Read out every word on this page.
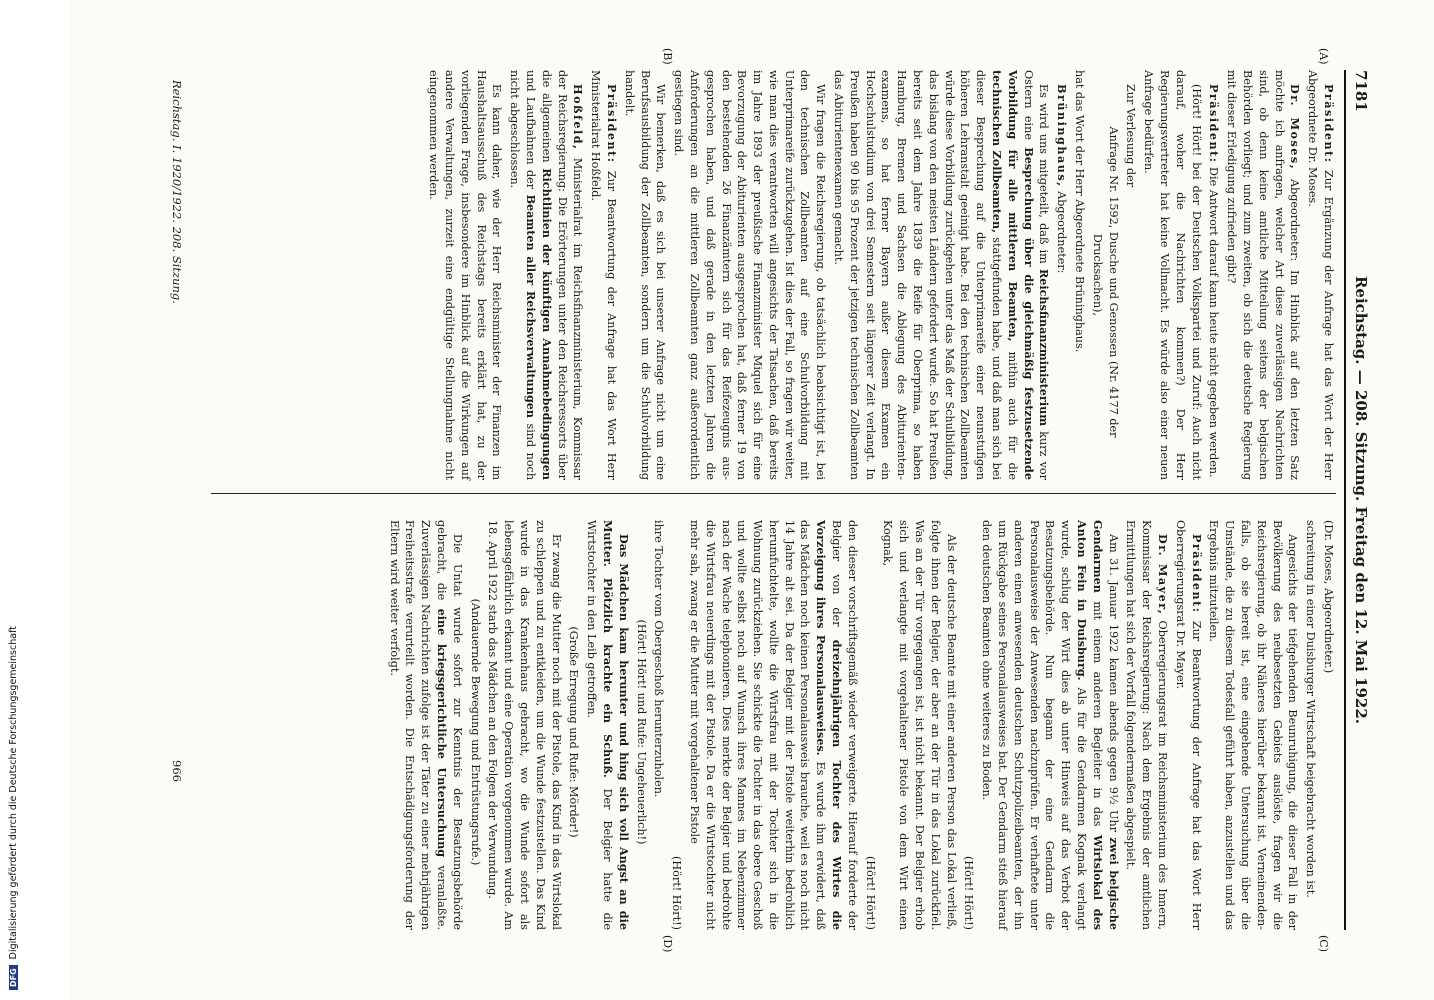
DFGDigitalisierung gefördert durch die Deutsche Forschungsgemeinschaft
7181
Reichstag. — 208. Sitzung. Freitag den 12. Mai 1922.
(A)
(B)
(C)
(D)

(Dr. Moses, Abgeordneter.)

schreitung in einer Duisburger Wirtschaft beigebracht worden ist.

Angesichts der tiefgehenden Beunruhigung, die dieser Fall in der Bevölkerung des neubesetzten Gebiets auslöste, fragen wir die Reichsregierung, ob ihr Näheres hierüber bekannt ist. Verneinendenfalls, ob sie bereit ist, eine eingehende Untersuchung über die Umstände, die zu diesem Todesfall geführt haben, anzustellen und das Ergebnis mitzuteilen.

Präsident: Zur Beantwortung der Anfrage hat das Wort Herr Oberregierungsrat Dr. Mayer.

Dr. Mayer, Oberregierungsrat im Reichsministerium des Innern, Kommissar der Reichsregierung: Nach dem Ergebnis der amtlichen Ermittlungen hat sich der Vorfall folgendermaßen abgespielt.

Am 31. Januar 1922 kamen abends gegen 9½ Uhr zwei belgische Gendarmen mit einem anderen Begleiter in das Wirtslokal des Anton Fein in Duisburg. Als für die Gendarmen Kognak verlangt wurde, schlug der Wirt dies ab unter Hinweis auf das Verbot der Besatzungsbehörde. Nun begann der eine Gendarm die Personalausweise der Anwesenden nachzuprüfen. Er verhaftete unter anderen einen anwesenden deutschen Schutzpolizeibeamten, der ihn um Rückgabe seines Personalausweises bat. Der Gendarm stieß hierauf den deutschen Beamten ohne weiteres zu Boden.

(Hört! Hört!)

Als der deutsche Beamte mit einer anderen Person das Lokal verließ, folgte ihnen der Belgier, der aber an der Tür in das Lokal zurückfiel. Was an der Tür vorgegangen ist, ist nicht bekannt. Der Belgier erhob sich und verlangte mit vorgehaltener Pistole von dem Wirt einen Kognak,

(Hört! Hört!)

den dieser vorschriftsgemäß wieder verweigerte. Hierauf forderte der Belgier von der dreizehnjährigen Tochter des Wirtes die Vorzeigung ihres Personalausweises. Es wurde ihm erwidert, daß das Mädchen noch keinen Personalausweis brauche, weil es noch nicht 14 Jahre alt sei. Da der Belgier mit der Pistole weiterhin bedrohlich herumfuchtelte, wollte die Wirtsfrau mit der Tochter sich in die Wohnung zurückziehen. Sie schickte die Tochter in das obere Geschoß und wollte selbst noch auf Wunsch ihres Mannes im Nebenzimmer nach der Wache telephonieren. Dies merkte der Belgier und bedrohte die Wirtsfrau neuerdings mit der Pistole. Da er die Wirtstochter nicht mehr sah, zwang er die Mutter mit vorgehaltener Pistole

(Hört! Hört!)

ihre Tochter vom Obergeschoß herunterzuholen.

(Hört! Hört! und Rufe: Ungeheuerlich!)

Das Mädchen kam herunter und hing sich voll Angst an die Mutter. Plötzlich krachte ein Schuß. Der Belgier hatte die Wirtstochter in den Leib getroffen.

(Große Erregung und Rufe: Mörder!)

Er zwang die Mutter noch mit der Pistole, das Kind in das Wirtslokal zu schleppen und zu entkleiden, um die Wunde festzustellen. Das Kind wurde in das Krankenhaus gebracht, wo die Wunde sofort als lebensgefährlich erkannt und eine Operation vorgenommen wurde. Am 18. April 1922 starb das Mädchen an den Folgen der Verwundung.

(Andauernde Bewegung und Entrüstungsrufe.)

Die Untat wurde sofort zur Kenntnis der Besatzungsbehörde gebracht, die eine kriegsgerichtliche Untersuchung veranlaßte. Zuverlässigen Nachrichten zufolge ist der Täter zu einer mehrjährigen Freiheitsstrafe verurteilt worden. Die Entschädigungsforderung der Eltern wird weiter verfolgt.

Präsident: Zur Ergänzung der Anfrage hat das Wort der Herr Abgeordnete Dr. Moses.

Dr. Moses, Abgeordneter: Im Hinblick auf den letzten Satz möchte ich anfragen, welcher Art diese zuverlässigen Nachrichten sind, ob denn keine amtliche Mitteilung seitens der belgischen Behörden vorliegt; und zum zweiten, ob sich die deutsche Regierung mit dieser Erledigung zufrieden gibt?

Präsident: Die Antwort darauf kann heute nicht gegeben werden.

(Hört! Hört! bei der Deutschen Volkspartei und Zuruf: Auch nicht darauf, woher die Nachrichten kommen?) Der Herr Regierungsvertreter hat keine Vollmacht. Es würde also einer neuen Anfrage bedürfen.

Zur Verlesung der

Anfrage Nr. 1592, Dusche und Genossen (Nr. 4177 der Drucksachen),

hat das Wort der Herr Abgeordnete Brüninghaus.

Brüninghaus, Abgeordneter:

Es wird uns mitgeteilt, daß im Reichsfinanzministerium kurz vor Ostern eine Besprechung über die gleichmäßig festzusetzende Vorbildung für alle mittleren Beamten, mithin auch für die technischen Zollbeamten, stattgefunden habe, und daß man sich bei dieser Besprechung auf die Unterprimareife einer neunstufigen höheren Lehranstalt geeinigt habe. Bei den technischen Zollbeamten würde diese Vorbildung zurückgehen unter das Maß der Schulbildung, das bislang von den meisten Ländern gefordert wurde. So hat Preußen bereits seit dem Jahre 1839 die Reife für Oberprima, so haben Hamburg, Bremen und Sachsen die Ablegung des Abiturientenexamens, so hat ferner Bayern außer diesem Examen ein Hochschulstudium von drei Semestern seit längerer Zeit verlangt. In Preußen haben 90 bis 95 Prozent der jetzigen technischen Zollbeamten das Abiturientenexamen gemacht.

Wir fragen die Reichsregierung, ob tatsächlich beabsichtigt ist, bei den technischen Zollbeamten auf eine Schulvorbildung mit Unterprimareife zurückzugehen. Ist dies der Fall, so fragen wir weiter, wie man dies verantworten will angesichts der Tatsachen, daß bereits im Jahre 1893 der preußische Finanzminister Miquel sich für eine Bevorzugung der Abiturienten ausgesprochen hat, daß ferner 19 von den bestehenden 26 Finanzämtern sich für das Reifezeugnis ausgesprochen haben, und daß gerade in den letzten Jahren die Anforderungen an die mittleren Zollbeamten ganz außerordentlich gestiegen sind.

Wir bemerken, daß es sich bei unserer Anfrage nicht um eine Berufsausbildung der Zollbeamten, sondern um die Schulvorbildung handelt.

Präsident: Zur Beantwortung der Anfrage hat das Wort Herr Ministerialrat Hoßfeld.

Hoßfeld, Ministerialrat im Reichsfinanzministerium, Kommissar der Reichsregierung: Die Erörterungen unter den Reichsressorts über die allgemeinen Richtlinien der künftigen Annahmebedingungen und Laufbahnen der Beamten aller Reichsverwaltungen sind noch nicht abgeschlossen.

Es kann daher, wie der Herr Reichsminister der Finanzen im Haushaltsausschuß des Reichstags bereits erklärt hat, zu der vorliegenden Frage, insbesondere im Hinblick auf die Wirkungen auf andere Verwaltungen, zurzeit eine endgültige Stellungnahme nicht eingenommen werden.

Reichstag. I. 1920/1922. 208. Sitzung.
966
